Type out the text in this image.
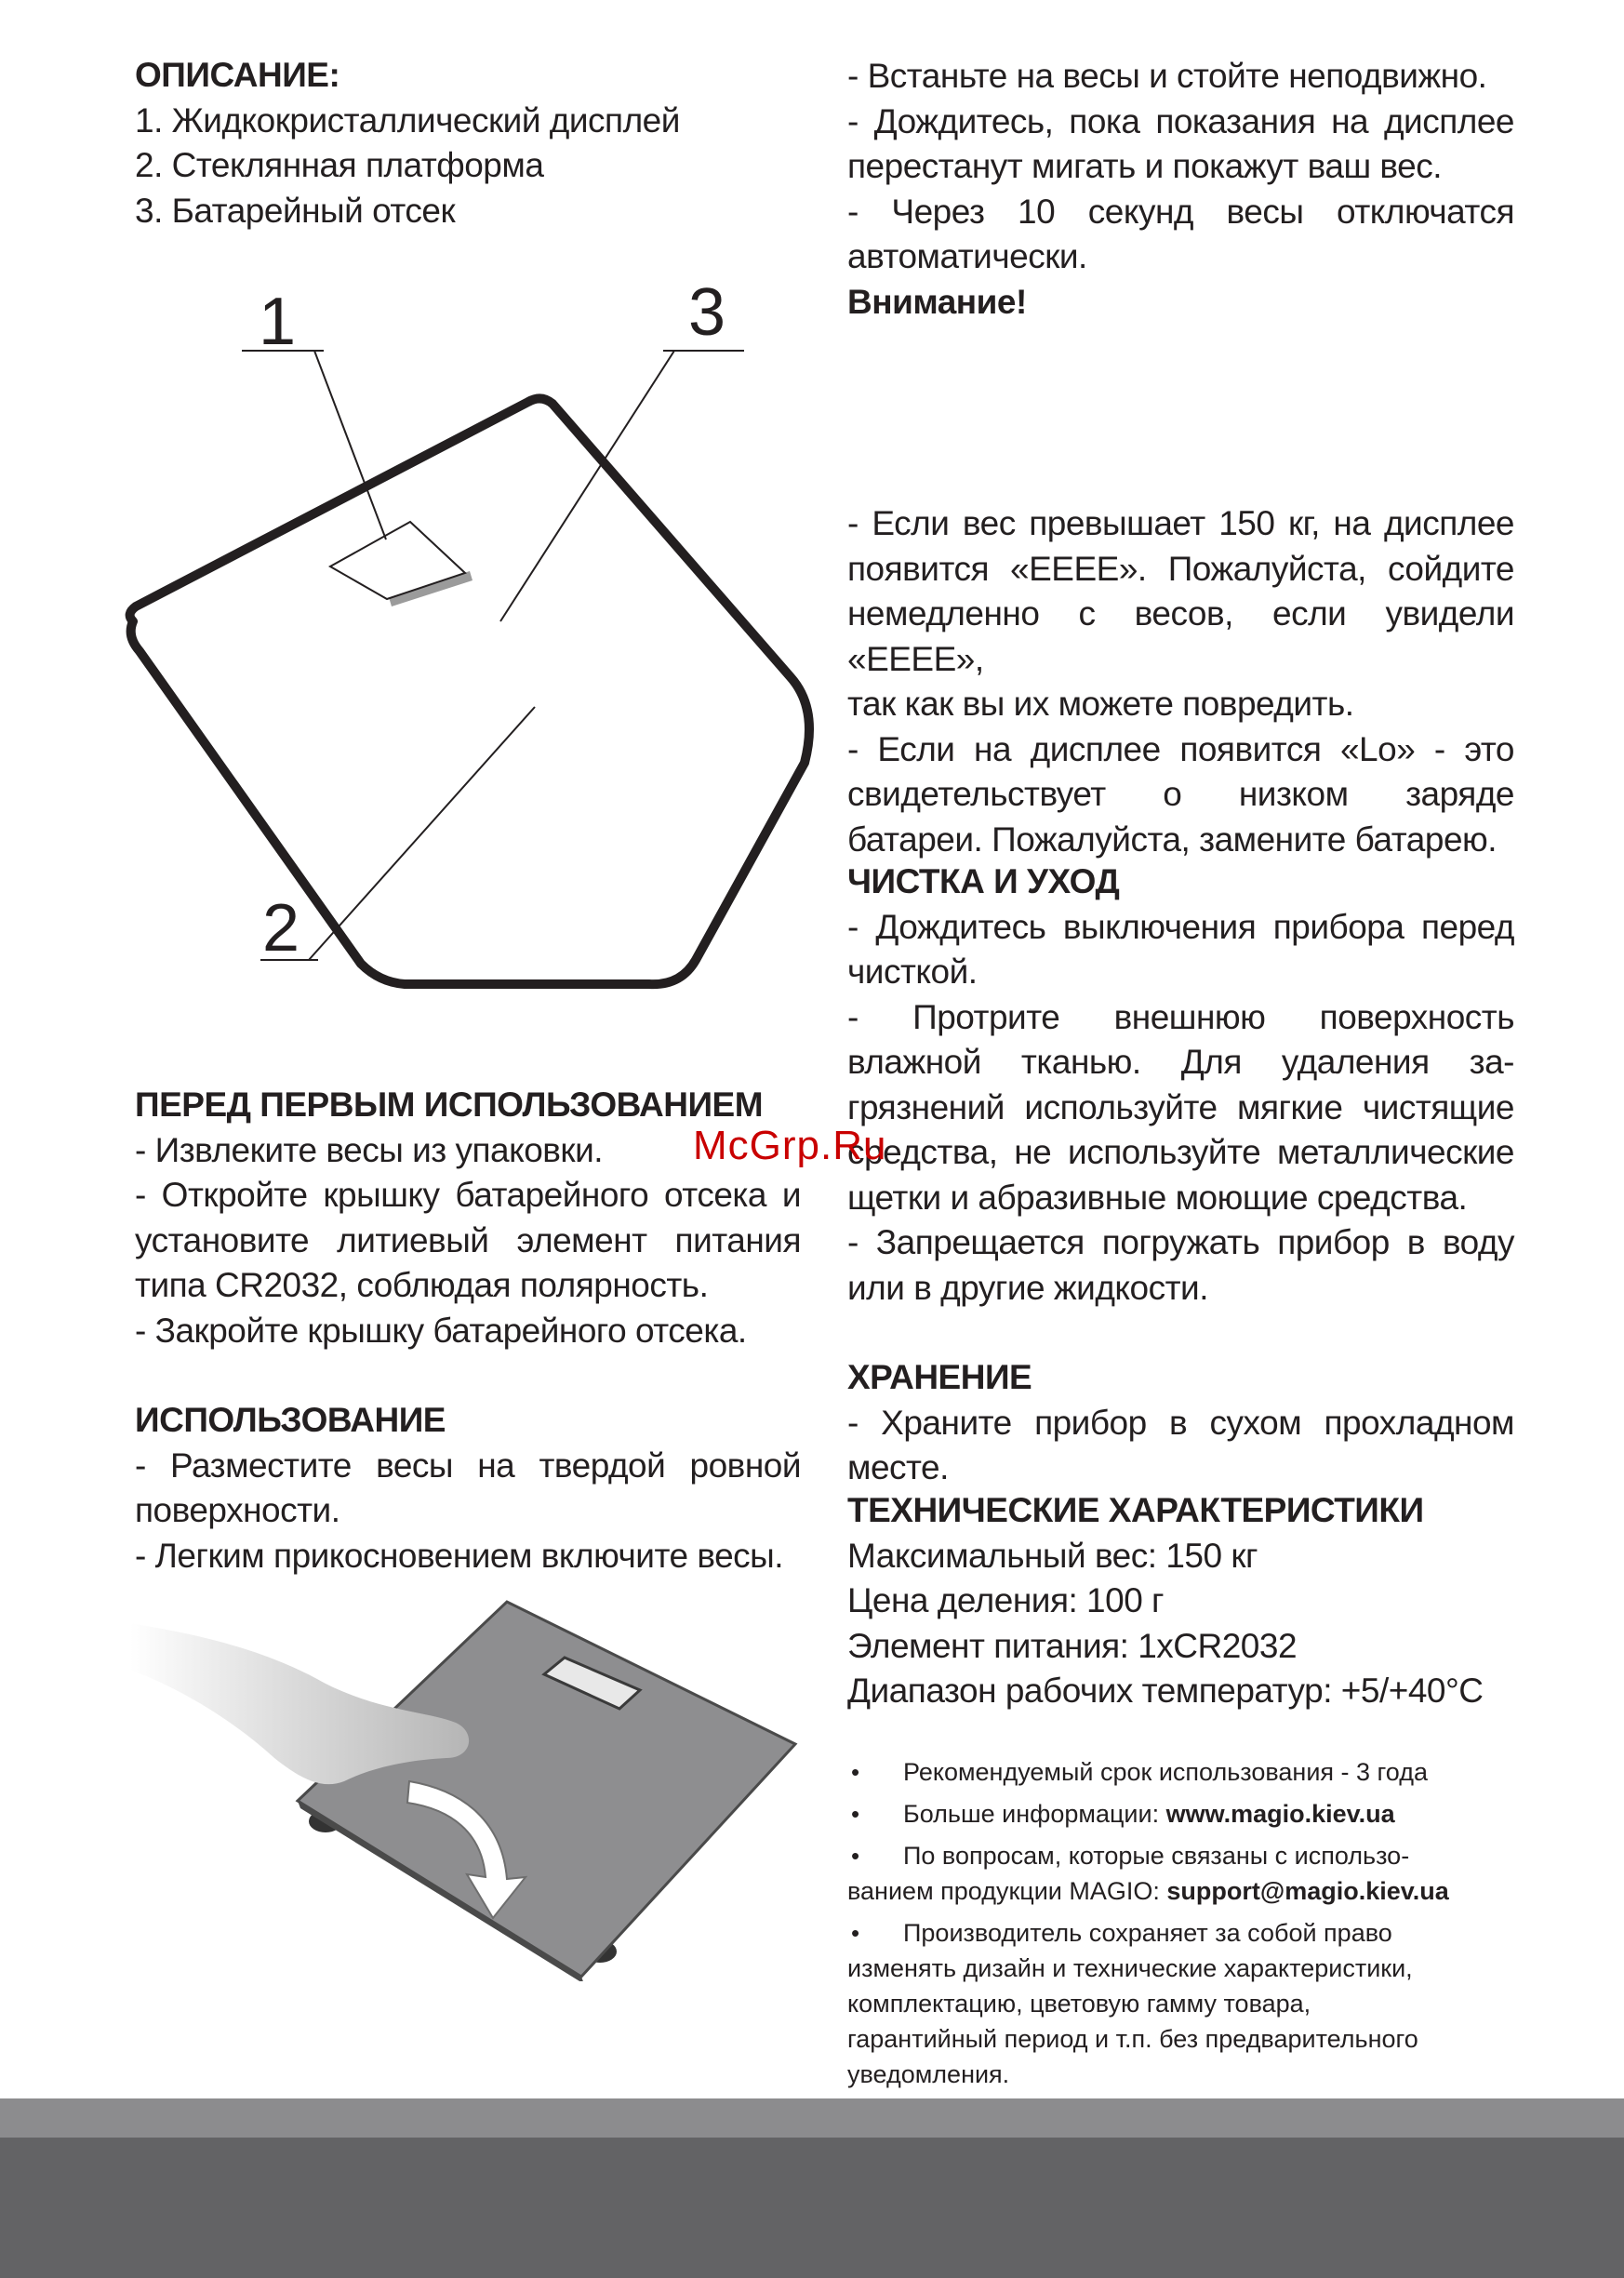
ОПИСАНИЕ:

1. Жидкокристаллический дисплей

2. Стеклянная платформа

3. Батарейный отсек

1	3
2

ПЕРЕД ПЕРВЫМ ИСПОЛЬЗОВАНИЕМ

- Извлеките весы из упаковки.

- Откройте крышку батарейного отсека и

установите литиевый элемент питания

типа CR2032, соблюдая полярность.

- Закройте крышку батарейного отсека.

ИСПОЛЬЗОВАНИЕ

- Разместите весы на твердой ровной

поверхности.

- Легким прикосновением включите весы.

- Встаньте на весы и стойте неподвижно.

- Дождитесь, пока показания на дисплее

перестанут мигать и покажут ваш вес.

- Через 10 секунд весы отключатся

автоматически.

Внимание!

- Если вес превышает 150 кг, на дисплее

появится «EEEE». Пожалуйста, сойдите

немедленно с весов, если увидели «EEEE»,

так как вы их можете повредить.

- Если на дисплее появится «Lo» - это

свидетельствует о низком заряде

батареи. Пожалуйста, замените батарею.

ЧИСТКА И УХОД

- Дождитесь выключения прибора перед

чисткой.

- Протрите внешнюю поверхность

влажной тканью. Для удаления за-

грязнений используйте мягкие чистящие

средства, не используйте металлические

щетки и абразивные моющие средства.

- Запрещается погружать прибор в воду

или в другие жидкости.

ХРАНЕНИЕ

- Храните прибор в сухом прохладном

месте.

ТЕХНИЧЕСКИЕ ХАРАКТЕРИСТИКИ

Максимальный вес: 150 кг

Цена деления: 100 г

Элемент питания: 1xCR2032

Диапазон рабочих температур: +5/+40°C

• Рекомендуемый срок использования - 3 года

• Больше информации: www.magio.kiev.ua

• По вопросам, которые связаны с использо-

ванием продукции MAGIO: support@magio.kiev.ua

• Производитель сохраняет за собой право

изменять дизайн и технические характеристики,

комплектацию, цветовую гамму товара,

гарантийный период и т.п. без предварительного

уведомления.

McGrp.Ru
